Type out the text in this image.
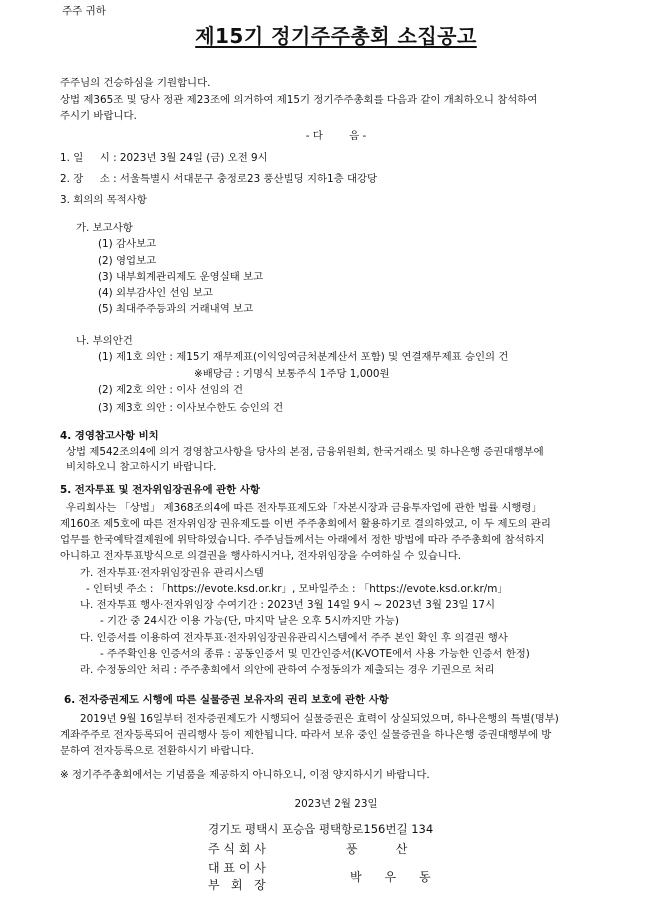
주주 귀하
제15기 정기주주총회 소집공고
주주님의 건승하심을 기원합니다.
상법 제365조 및 당사 정관 제23조에 의거하여 제15기 정기주주총회를 다음과 같이 개최하오니 참석하여
주시기 바랍니다.
- 다        음 -
1. 일     시 : 2023년 3월 24일 (금) 오전 9시
2. 장     소 : 서울특별시 서대문구 충정로23 풍산빌딩 지하1층 대강당
3. 회의의 목적사항
가. 보고사항
(1) 감사보고
(2) 영업보고
(3) 내부회계관리제도 운영실태 보고
(4) 외부감사인 선임 보고
(5) 최대주주등과의 거래내역 보고
나. 부의안건
(1) 제1호 의안 : 제15기 재무제표(이익잉여금처분계산서 포함) 및 연결재무제표 승인의 건
※배당금 : 기명식 보통주식 1주당 1,000원
(2) 제2호 의안 : 이사 선임의 건
(3) 제3호 의안 : 이사보수한도 승인의 건
4. 경영참고사항 비치
상법 제542조의4에 의거 경영참고사항을 당사의 본점, 금융위원회, 한국거래소 및 하나은행 증권대행부에
비치하오니 참고하시기 바랍니다.
5. 전자투표 및 전자위임장권유에 관한 사항
우리회사는 「상법」 제368조의4에 따른 전자투표제도와「자본시장과 금융투자업에 관한 법률 시행령」
제160조 제5호에 따른 전자위임장 권유제도를 이번 주주총회에서 활용하기로 결의하였고, 이 두 제도의 관리
업무를 한국예탁결제원에 위탁하였습니다. 주주님들께서는 아래에서 정한 방법에 따라 주주총회에 참석하지
아니하고 전자투표방식으로 의결권을 행사하시거나, 전자위임장을 수여하실 수 있습니다.
가. 전자투표·전자위임장권유 관리시스템
- 인터넷 주소 : 「https://evote.ksd.or.kr」, 모바일주소 : 「https://evote.ksd.or.kr/m」
나. 전자투표 행사·전자위임장 수여기간 : 2023년 3월 14일 9시 ~ 2023년 3월 23일 17시
- 기간 중 24시간 이용 가능(단, 마지막 날은 오후 5시까지만 가능)
다. 인증서를 이용하여 전자투표·전자위임장권유관리시스템에서 주주 본인 확인 후 의결권 행사
- 주주확인용 인증서의 종류 : 공동인증서 및 민간인증서(K-VOTE에서 사용 가능한 인증서 한정)
라. 수정동의안 처리 : 주주총회에서 의안에 관하여 수정동의가 제출되는 경우 기권으로 처리
6. 전자증권제도 시행에 따른 실물증권 보유자의 권리 보호에 관한 사항
2019년 9월 16일부터 전자증권제도가 시행되어 실물증권은 효력이 상실되었으며, 하나은행의 특별(명부)
계좌주주로 전자등록되어 권리행사 등이 제한됩니다. 따라서 보유 중인 실물증권을 하나은행 증권대행부에 방
문하여 전자등록으로 전환하시기 바랍니다.
※ 정기주주총회에서는 기념품을 제공하지 아니하오니, 이점 양지하시기 바랍니다.
2023년 2월 23일
경기도 평택시 포승읍 평택항로156번길 134
주 식 회 사	풍          산
대 표 이 사
부   회   장
박      우      동
